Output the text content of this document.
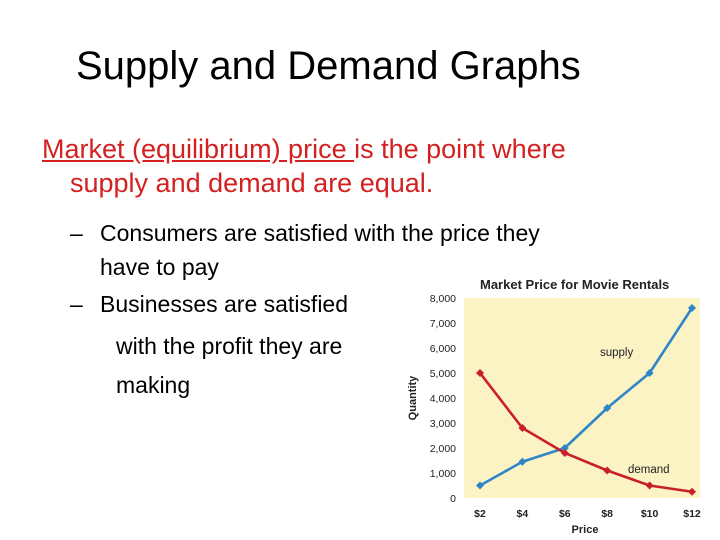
Supply and Demand Graphs
Market (equilibrium) price is the point where
supply and demand are equal.
– Consumers are satisfied with the price they
have to pay
– Businesses are satisfied
with the profit they are
making
Market Price for Movie Rentals
0
1,000
2,000
3,000
4,000
5,000
6,000
7,000
8,000
$2	$4	$6	$8	$10 $12
Price
Quantity
supply
demand
